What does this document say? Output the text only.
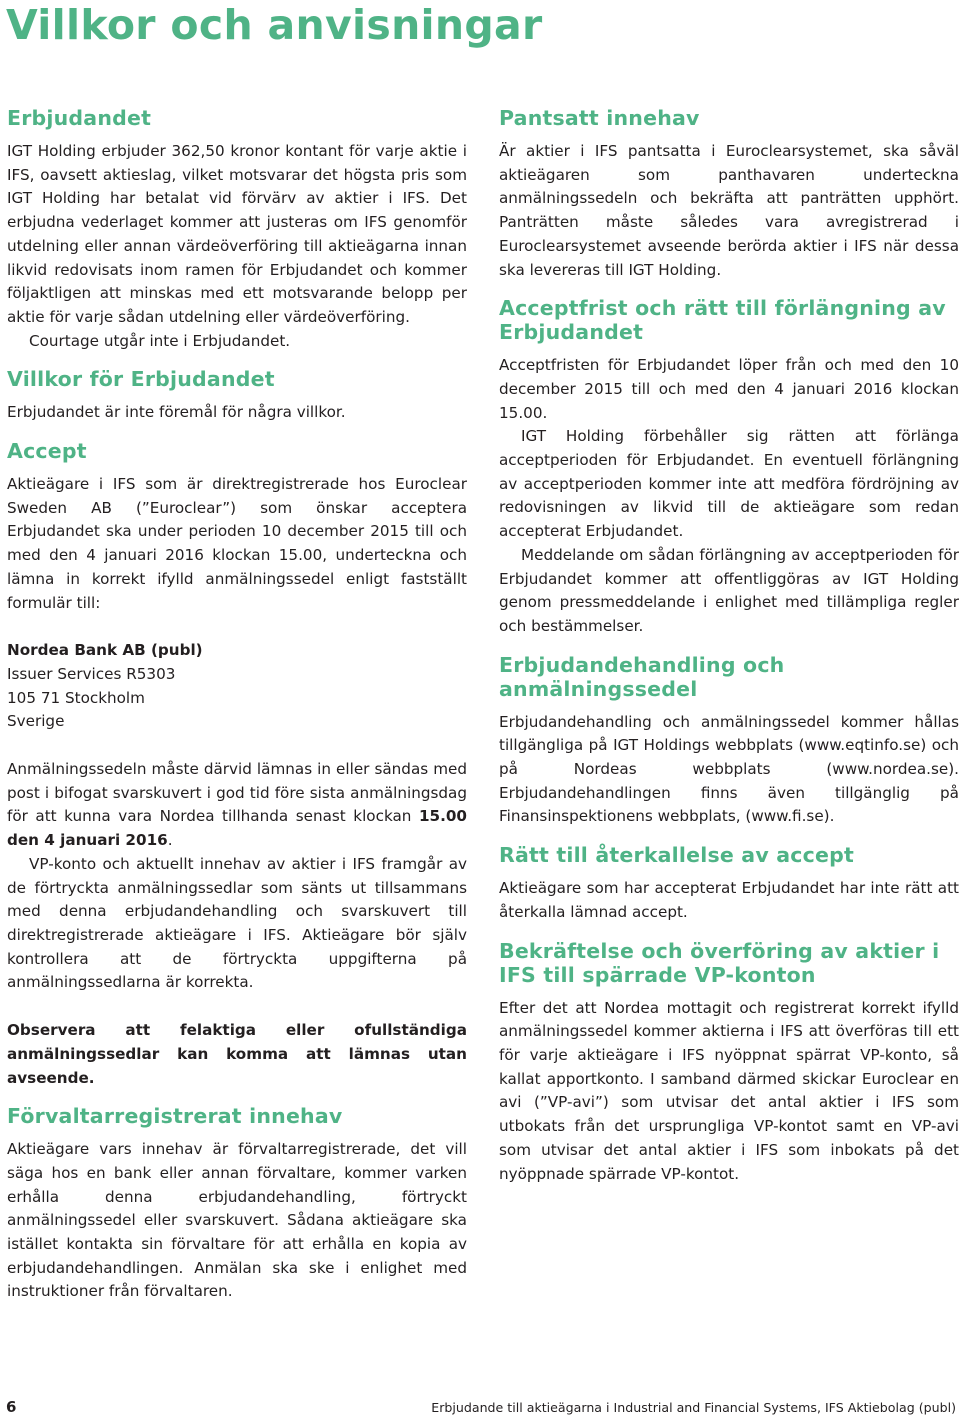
Villkor och anvisningar
Erbjudandet

IGT Holding erbjuder 362,50 kronor kontant för varje aktie i IFS, oavsett aktieslag, vilket motsvarar det högsta pris som IGT Holding har betalat vid förvärv av aktier i IFS. Det erbjudna vederlaget kommer att justeras om IFS genomför utdelning eller annan värdeöverföring till aktieägarna innan likvid redovisats inom ramen för Erbjudandet och kommer följaktligen att minskas med ett motsvarande belopp per aktie för varje sådan utdelning eller värdeöverföring.

Courtage utgår inte i Erbjudandet.

Villkor för Erbjudandet

Erbjudandet är inte föremål för några villkor.

Accept

Aktieägare i IFS som är direktregistrerade hos Euroclear Sweden AB (”Euroclear”) som önskar acceptera Erbjudandet ska under perioden 10 december 2015 till och med den 4 januari 2016 klockan 15.00, underteckna och lämna in korrekt ifylld anmälningssedel enligt fastställt formulär till:

Nordea Bank AB (publ)
Issuer Services R5303
105 71 Stockholm
Sverige

Anmälningssedeln måste därvid lämnas in eller sändas med post i bifogat svarskuvert i god tid före sista anmälningsdag för att kunna vara Nordea tillhanda senast klockan 15.00 den 4 januari 2016.

VP-konto och aktuellt innehav av aktier i IFS framgår av de förtryckta anmälningssedlar som sänts ut tillsammans med denna erbjudandehandling och svarskuvert till direktregistrerade aktieägare i IFS. Aktieägare bör själv kontrollera att de förtryckta uppgifterna på anmälningssedlarna är korrekta.

Observera att felaktiga eller ofullständiga anmälningssedlar kan komma att lämnas utan avseende.

Förvaltarregistrerat innehav

Aktieägare vars innehav är förvaltarregistrerade, det vill säga hos en bank eller annan förvaltare, kommer varken erhålla denna erbjudandehandling, förtryckt anmälningssedel eller svarskuvert. Sådana aktieägare ska istället kontakta sin förvaltare för att erhålla en kopia av erbjudandehandlingen. Anmälan ska ske i enlighet med instruktioner från förvaltaren.

Pantsatt innehav

Är aktier i IFS pantsatta i Euroclearsystemet, ska såväl aktieägaren som panthavaren underteckna anmälningssedeln och bekräfta att panträtten upphört. Panträtten måste således vara avregistrerad i Euroclearsystemet avseende berörda aktier i IFS när dessa ska levereras till IGT Holding.

Acceptfrist och rätt till förlängning av Erbjudandet

Acceptfristen för Erbjudandet löper från och med den 10 december 2015 till och med den 4 januari 2016 klockan 15.00.

IGT Holding förbehåller sig rätten att förlänga acceptperioden för Erbjudandet. En eventuell förlängning av acceptperioden kommer inte att medföra fördröjning av redovisningen av likvid till de aktieägare som redan accepterat Erbjudandet.

Meddelande om sådan förlängning av acceptperioden för Erbjudandet kommer att offentliggöras av IGT Holding genom pressmeddelande i enlighet med tillämpliga regler och bestämmelser.

Erbjudandehandling och anmälningssedel

Erbjudandehandling och anmälningssedel kommer hållas tillgängliga på IGT Holdings webbplats (www.eqtinfo.se) och på Nordeas webbplats (www.nordea.se). Erbjudandehandlingen finns även tillgänglig på Finansinspektionens webbplats, (www.fi.se).

Rätt till återkallelse av accept

Aktieägare som har accepterat Erbjudandet har inte rätt att återkalla lämnad accept.

Bekräftelse och överföring av aktier i IFS till spärrade VP-konton

Efter det att Nordea mottagit och registrerat korrekt ifylld anmälningssedel kommer aktierna i IFS att överföras till ett för varje aktieägare i IFS nyöppnat spärrat VP-konto, så kallat apportkonto. I samband därmed skickar Euroclear en avi (”VP-avi”) som utvisar det antal aktier i IFS som utbokats från det ursprungliga VP-kontot samt en VP-avi som utvisar det antal aktier i IFS som inbokats på det nyöppnade spärrade VP-kontot.

6	Erbjudande till aktieägarna i Industrial and Financial Systems, IFS Aktiebolag (publ)
